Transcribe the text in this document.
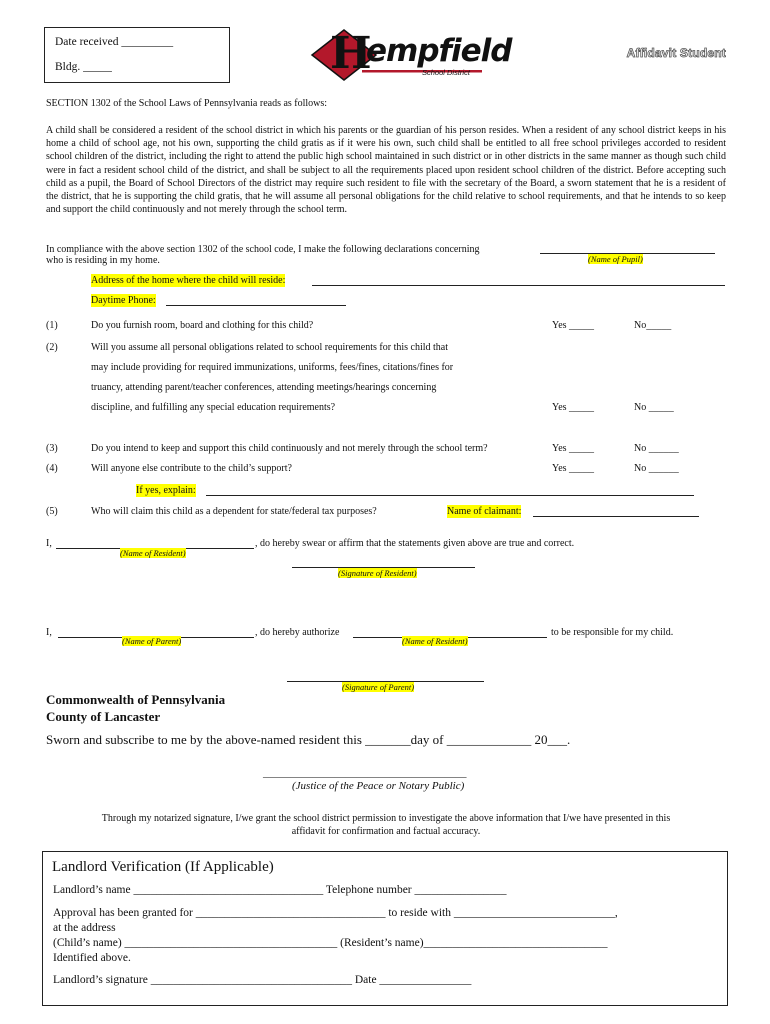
Date received _________
Bldg. _____	H
empfield
School District
Affidavit Student
SECTION 1302 of the School Laws of Pennsylvania reads as follows:
A child shall be considered a resident of the school district in which his parents or the guardian of his person resides. When a resident of any school district keeps in his home a child of school age, not his own, supporting the child gratis as if it were his own, such child shall be entitled to all free school privileges accorded to resident school children of the district, including the right to attend the public high school maintained in such district or in other districts in the same manner as though such child were in fact a resident school child of the district, and shall be subject to all the requirements placed upon resident school children of the district. Before accepting such child as a pupil, the Board of School Directors of the district may require such resident to file with the secretary of the Board, a sworn statement that he is a resident of the district, that he is supporting the child gratis, that he will assume all personal obligations for the child relative to school requirements, and that he intends to so keep and support the child continuously and not merely through the school term.
In compliance with the above section 1302 of the school code, I make the following declarations concerning
who is residing in my home.	(Name of Pupil)
Address of the home where the child will reside:
Daytime Phone:
(1)	Do you furnish room, board and clothing for this child?	Yes _____	No_____
(2)	Will you assume all personal obligations related to school requirements for this child that
may include providing for required immunizations, uniforms, fees/fines, citations/fines for
truancy, attending parent/teacher conferences, attending meetings/hearings concerning
discipline, and fulfilling any special education requirements?	Yes _____	No _____
(3)	Do you intend to keep and support this child continuously and not merely through the school term?	Yes _____	No ______
(4)	Will anyone else contribute to the child’s support?	Yes _____	No ______
If yes, explain:
(5)	Who will claim this child as a dependent for state/federal tax purposes?	Name of claimant:
I,	, do hereby swear or affirm that the statements given above are true and correct.
(Name of Resident)
(Signature of Resident)
I,	, do hereby authorize	to be responsible for my child.
(Name of Parent)	(Name of Resident)
(Signature of Parent)
Commonwealth of Pennsylvania
County of Lancaster
Sworn and subscribe to me by the above-named resident this _______day of _____________ 20___.
_____________________________________
(Justice of the Peace or Notary Public)
Through my notarized signature, I/we grant the school district permission to investigate the above information that I/we have presented in this
affidavit for confirmation and factual accuracy.
Landlord Verification (If Applicable)
Landlord’s name _________________________________ Telephone number ________________
Approval has been granted for _________________________________ to reside with ____________________________,
at the address
(Child’s name) _____________________________________ (Resident’s name)________________________________
Identified above.
Landlord’s signature ___________________________________ Date ________________
